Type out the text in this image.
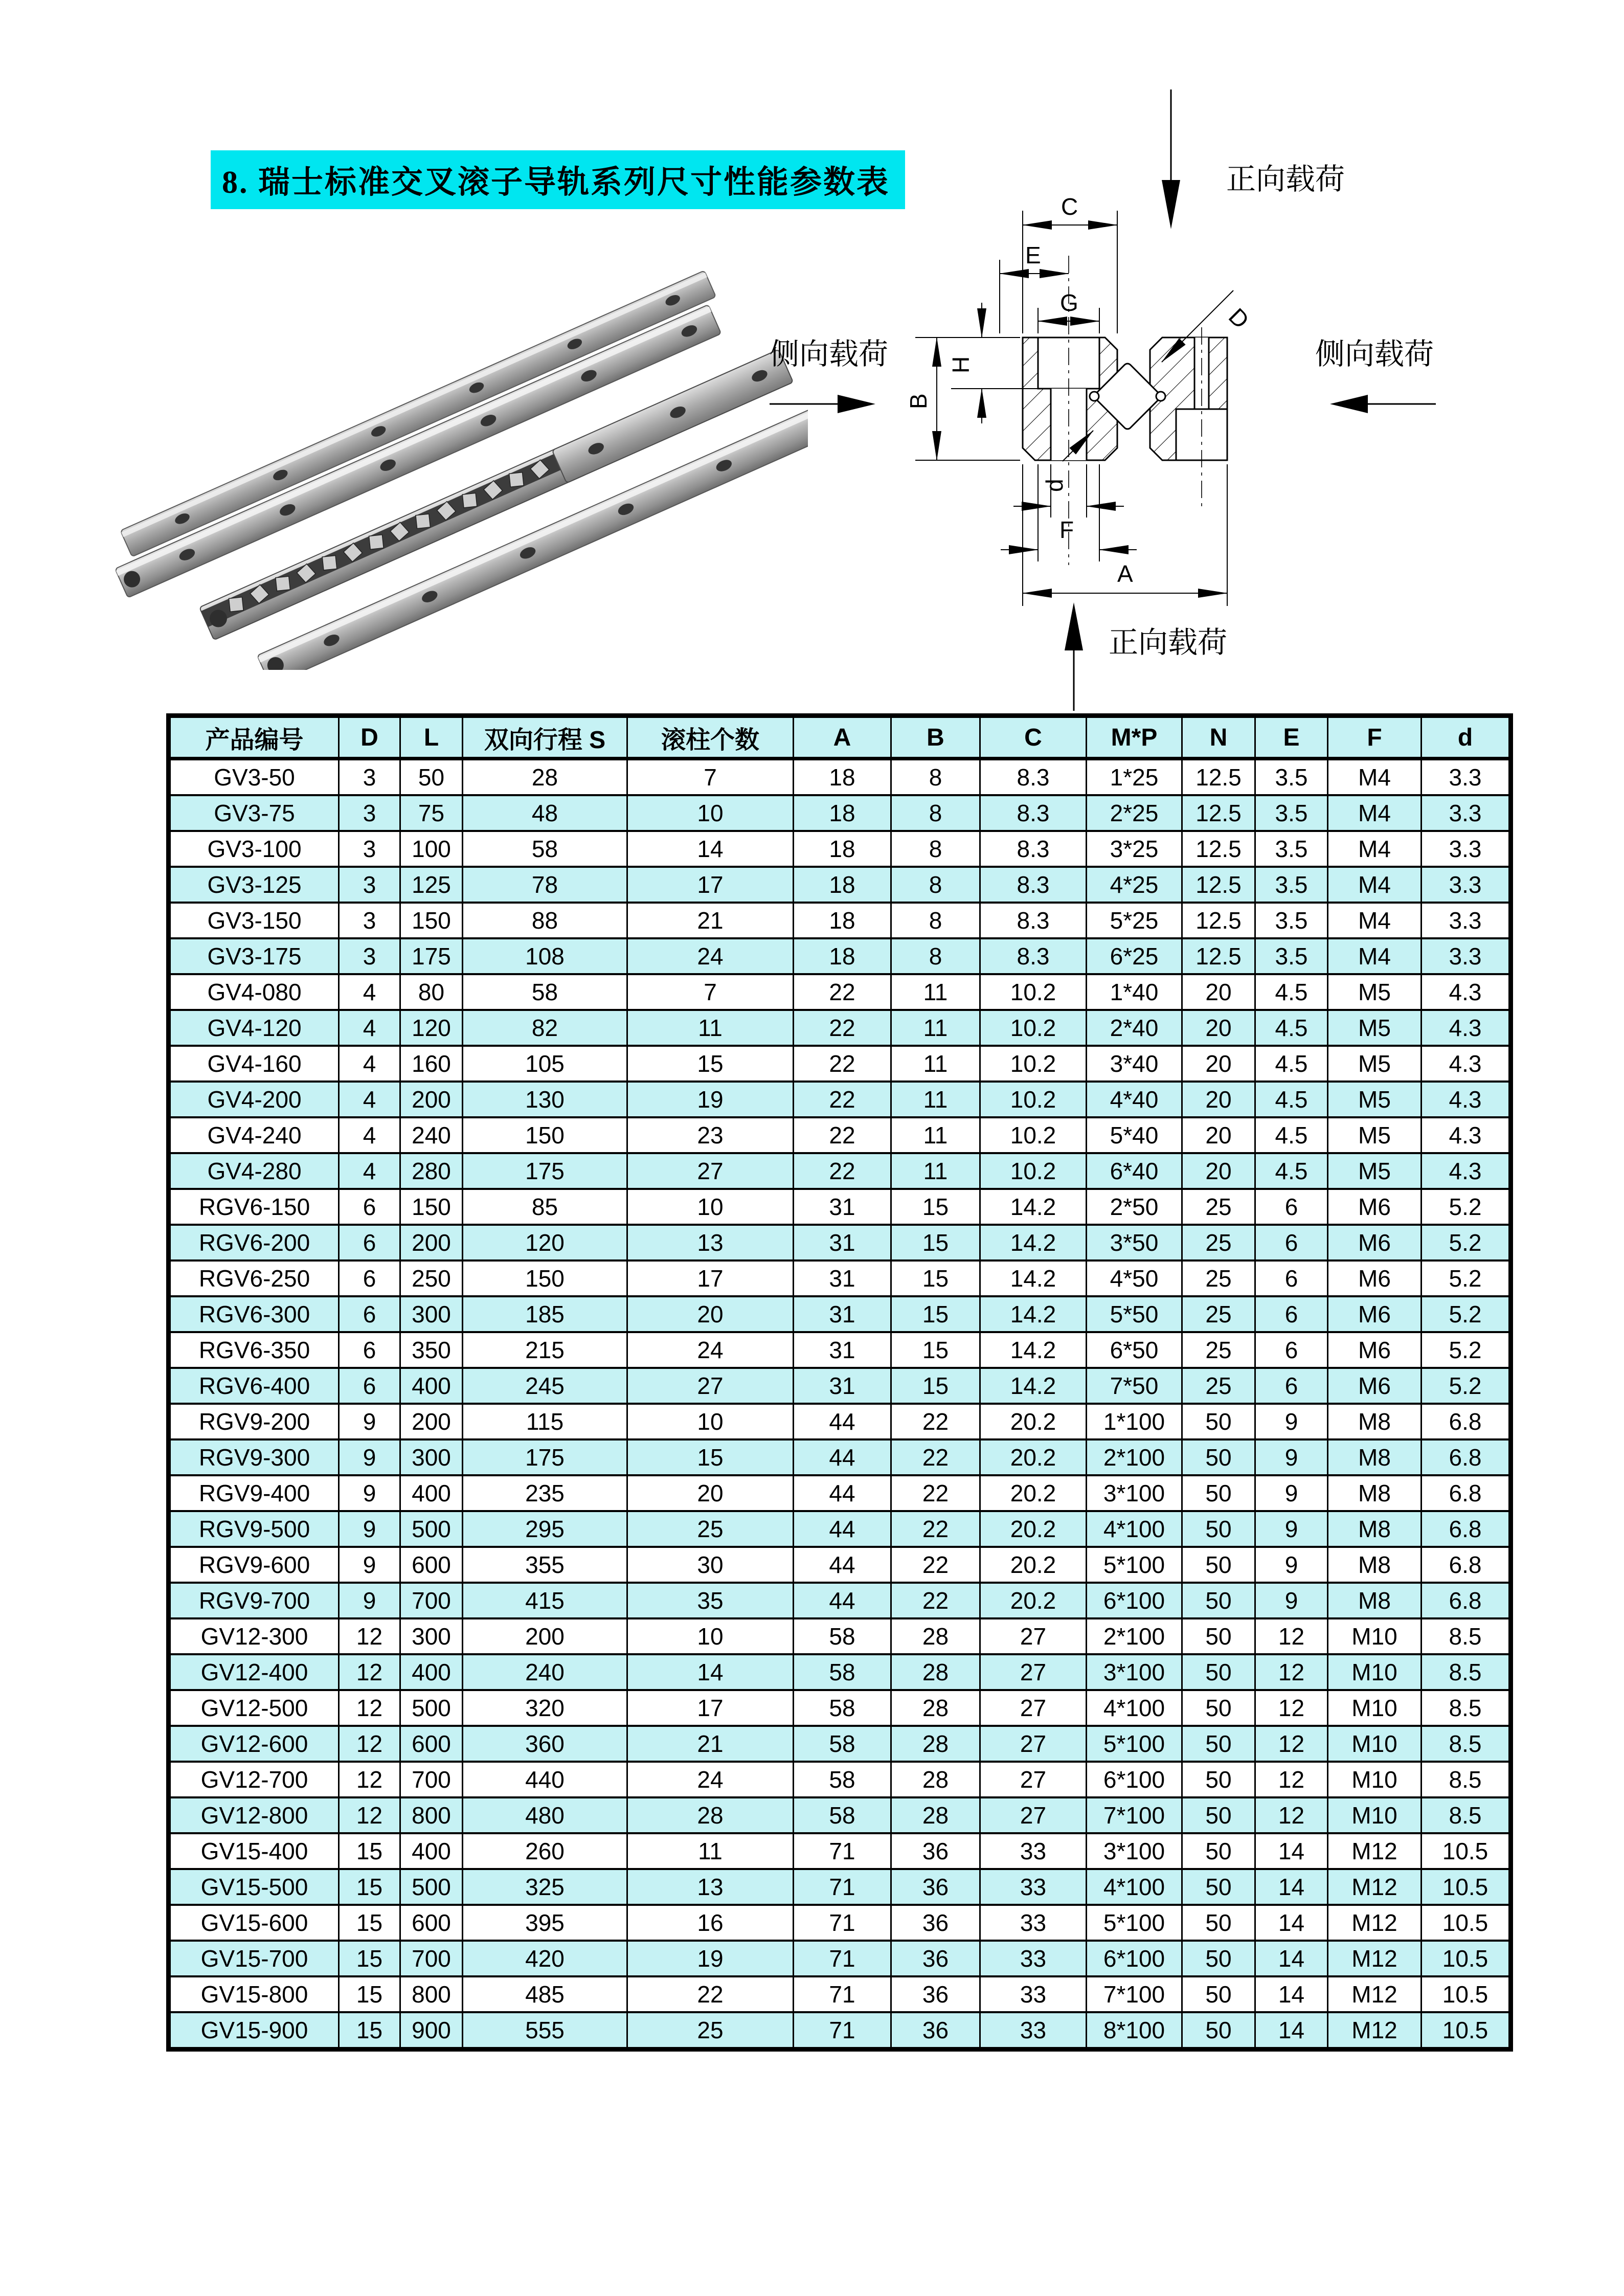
8. 瑞士标准交叉滚子导轨系列尺寸性能参数表	正向载荷
正向载荷
侧向载荷	侧向载荷
C
E
G
D
H
B
d
F
A
产品编号	D	L	双向行程 S	滚柱个数	A	B	C	M*P	N	E	F	d
GV3-50	3	50	28	7	18	8	8.3	1*25	12.5	3.5	M4	3.3
GV3-75	3	75	48	10	18	8	8.3	2*25	12.5	3.5	M4	3.3
GV3-100	3	100	58	14	18	8	8.3	3*25	12.5	3.5	M4	3.3
GV3-125	3	125	78	17	18	8	8.3	4*25	12.5	3.5	M4	3.3
GV3-150	3	150	88	21	18	8	8.3	5*25	12.5	3.5	M4	3.3
GV3-175	3	175	108	24	18	8	8.3	6*25	12.5	3.5	M4	3.3
GV4-080	4	80	58	7	22	11	10.2	1*40	20	4.5	M5	4.3
GV4-120	4	120	82	11	22	11	10.2	2*40	20	4.5	M5	4.3
GV4-160	4	160	105	15	22	11	10.2	3*40	20	4.5	M5	4.3
GV4-200	4	200	130	19	22	11	10.2	4*40	20	4.5	M5	4.3
GV4-240	4	240	150	23	22	11	10.2	5*40	20	4.5	M5	4.3
GV4-280	4	280	175	27	22	11	10.2	6*40	20	4.5	M5	4.3
RGV6-150	6	150	85	10	31	15	14.2	2*50	25	6	M6	5.2
RGV6-200	6	200	120	13	31	15	14.2	3*50	25	6	M6	5.2
RGV6-250	6	250	150	17	31	15	14.2	4*50	25	6	M6	5.2
RGV6-300	6	300	185	20	31	15	14.2	5*50	25	6	M6	5.2
RGV6-350	6	350	215	24	31	15	14.2	6*50	25	6	M6	5.2
RGV6-400	6	400	245	27	31	15	14.2	7*50	25	6	M6	5.2
RGV9-200	9	200	115	10	44	22	20.2	1*100	50	9	M8	6.8
RGV9-300	9	300	175	15	44	22	20.2	2*100	50	9	M8	6.8
RGV9-400	9	400	235	20	44	22	20.2	3*100	50	9	M8	6.8
RGV9-500	9	500	295	25	44	22	20.2	4*100	50	9	M8	6.8
RGV9-600	9	600	355	30	44	22	20.2	5*100	50	9	M8	6.8
RGV9-700	9	700	415	35	44	22	20.2	6*100	50	9	M8	6.8
GV12-300	12	300	200	10	58	28	27	2*100	50	12	M10	8.5
GV12-400	12	400	240	14	58	28	27	3*100	50	12	M10	8.5
GV12-500	12	500	320	17	58	28	27	4*100	50	12	M10	8.5
GV12-600	12	600	360	21	58	28	27	5*100	50	12	M10	8.5
GV12-700	12	700	440	24	58	28	27	6*100	50	12	M10	8.5
GV12-800	12	800	480	28	58	28	27	7*100	50	12	M10	8.5
GV15-400	15	400	260	11	71	36	33	3*100	50	14	M12	10.5
GV15-500	15	500	325	13	71	36	33	4*100	50	14	M12	10.5
GV15-600	15	600	395	16	71	36	33	5*100	50	14	M12	10.5
GV15-700	15	700	420	19	71	36	33	6*100	50	14	M12	10.5
GV15-800	15	800	485	22	71	36	33	7*100	50	14	M12	10.5
GV15-900	15	900	555	25	71	36	33	8*100	50	14	M12	10.5
